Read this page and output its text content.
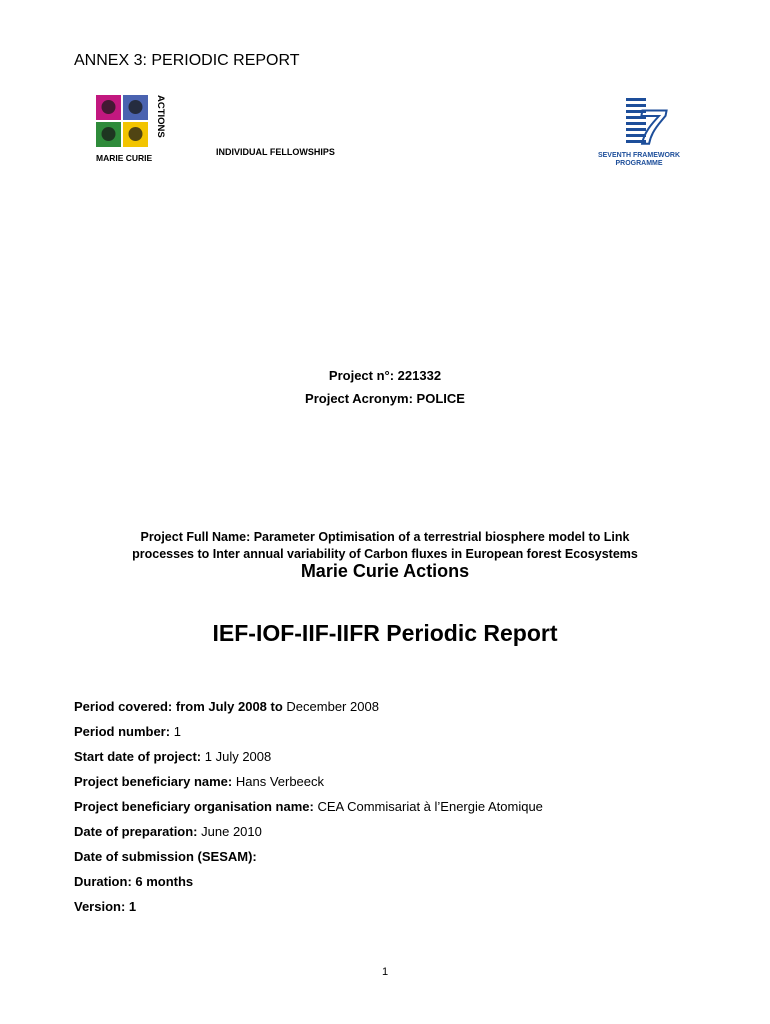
ANNEX 3: PERIODIC REPORT
MARIE CURIE
ACTIONS
INDIVIDUAL FELLOWSHIPS	7
SEVENTH FRAMEWORK
PROGRAMME
Project n°: 221332
Project Acronym: POLICE
Project Full Name: Parameter Optimisation of a terrestrial biosphere model to Link
processes to Inter annual variability of Carbon fluxes in European forest Ecosystems
Marie Curie Actions
IEF-IOF-IIF-IIFR Periodic Report
Period covered: from July 2008 to December 2008
Period number: 1
Start date of project: 1 July 2008
Project beneficiary name: Hans Verbeeck
Project beneficiary organisation name: CEA Commisariat à l’Energie Atomique
Date of preparation: June 2010
Date of submission (SESAM):
Duration: 6 months
Version: 1
1
